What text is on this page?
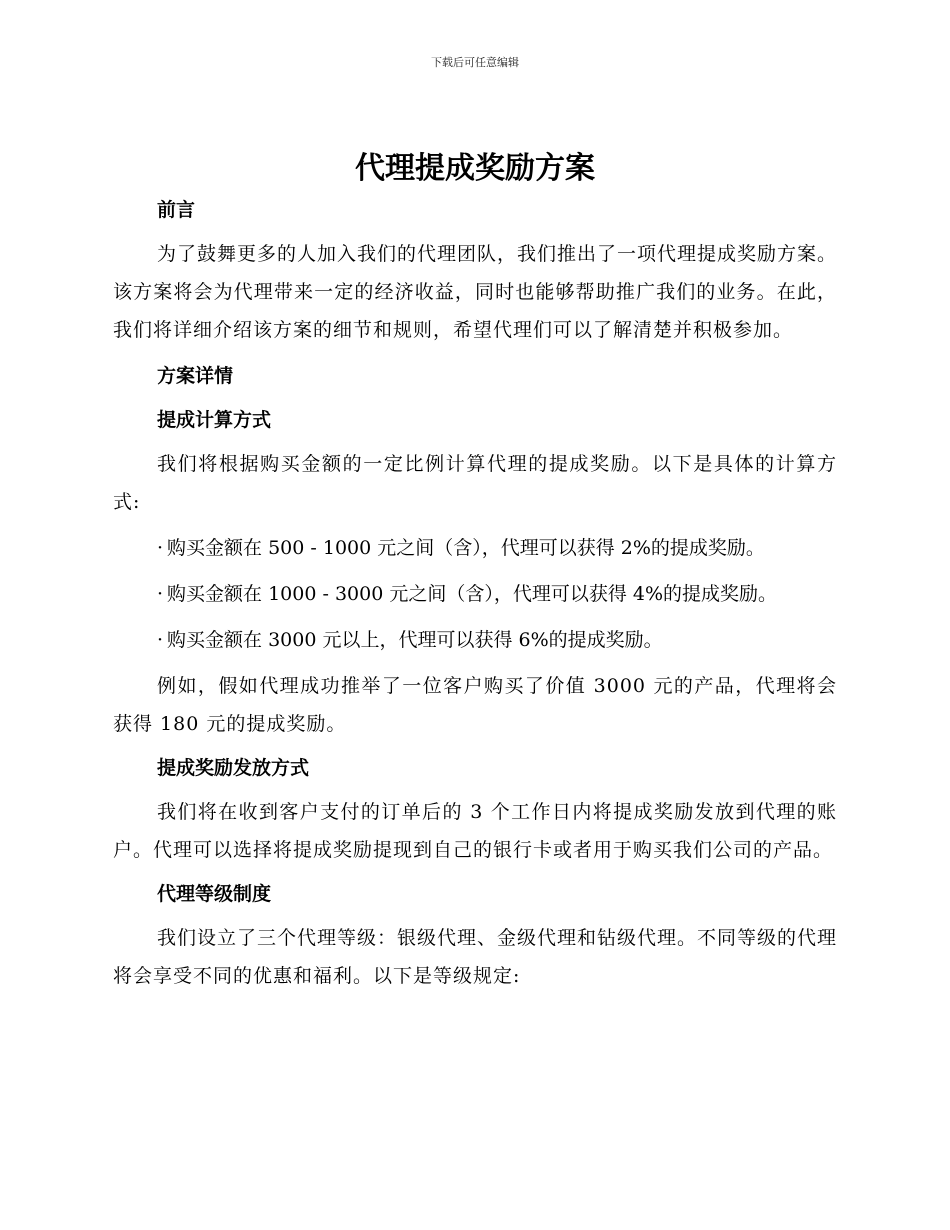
下载后可任意编辑
代理提成奖励方案

前言

为了鼓舞更多的人加入我们的代理团队，我们推出了一项代理提成奖励方案。该方案将会为代理带来一定的经济收益，同时也能够帮助推广我们的业务。在此，我们将详细介绍该方案的细节和规则，希望代理们可以了解清楚并积极参加。

方案详情

提成计算方式

我们将根据购买金额的一定比例计算代理的提成奖励。以下是具体的计算方式:

· 购买金额在 500 - 1000 元之间（含），代理可以获得 2%的提成奖励。

· 购买金额在 1000 - 3000 元之间（含），代理可以获得 4%的提成奖励。

· 购买金额在 3000 元以上，代理可以获得 6%的提成奖励。

例如，假如代理成功推举了一位客户购买了价值 3000 元的产品，代理将会获得 180 元的提成奖励。

提成奖励发放方式

我们将在收到客户支付的订单后的 3 个工作日内将提成奖励发放到代理的账户。代理可以选择将提成奖励提现到自己的银行卡或者用于购买我们公司的产品。

代理等级制度

我们设立了三个代理等级：银级代理、金级代理和钻级代理。不同等级的代理将会享受不同的优惠和福利。以下是等级规定:
